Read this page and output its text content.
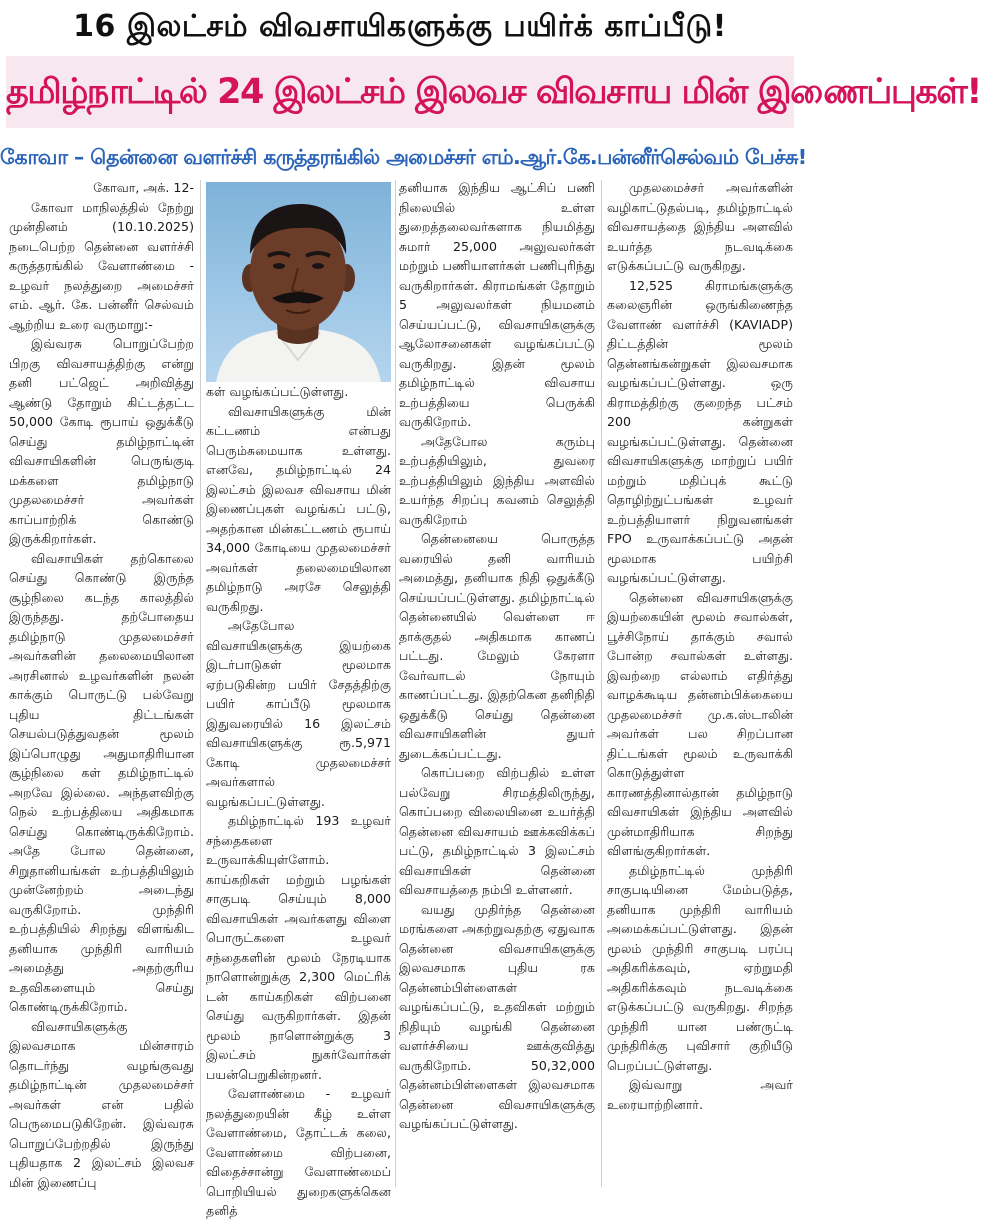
16 இலட்சம் விவசாயிகளுக்கு பயிர்க் காப்பீடு!
தமிழ்நாட்டில் 24 இலட்சம் இலவச விவசாய மின் இணைப்புகள்!
கோவா – தென்னை வளர்ச்சி கருத்தரங்கில் அமைச்சர் எம்.ஆர்.கே.பன்னீர்செல்வம் பேச்சு!

கோவா, அக். 12-

கோவா மாநிலத்தில் நேற்று முன்தினம் (10.10.2025) நடைபெற்ற தென்னை வளர்ச்சி கருத்தரங்கில் வேளாண்மை - உழவர் நலத்துறை அமைச்சர் எம். ஆர். கே. பன்னீர் செல்வம் ஆற்றிய உரை வருமாறு:-

இவ்வரசு பொறுப்பேற்ற பிறகு விவசாயத்திற்கு என்று தனி பட்ஜெட் அறிவித்து ஆண்டு தோறும் கிட்டத்தட்ட 50,000 கோடி ரூபாய் ஒதுக்கீடு செய்து தமிழ்நாட்டின் விவசாயிகளின் பெருங்குடி மக்களை தமிழ்நாடு முதலமைச்சர் அவர்கள் காப்பாற்றிக் கொண்டு இருக்கிறார்கள்.

விவசாயிகள் தற்கொலை செய்து கொண்டு இருந்த சூழ்நிலை கடந்த காலத்தில் இருந்தது. தற்போதைய தமிழ்நாடு முதலமைச்சர் அவர்களின் தலைமையிலான அரசினால் உழவர்களின் நலன் காக்கும் பொருட்டு பல்வேறு புதிய திட்டங்கள் செயல்படுத்துவதன் மூலம் இப்பொழுது அதுமாதிரியான சூழ்நிலை கள் தமிழ்நாட்டில் அறவே இல்லை. அந்தளவிற்கு நெல் உற்பத்தியை அதிகமாக செய்து கொண்டிருக்கிறோம். அதே போல தென்னை, சிறுதானியங்கள் உற்பத்தியிலும் முன்னேற்றம் அடைந்து வருகிறோம். முந்திரி உற்பத்தியில் சிறந்து விளங்கிட தனியாக முந்திரி வாரியம் அமைத்து அதற்குரிய உதவிகளையும் செய்து கொண்டிருக்கிறோம்.

விவசாயிகளுக்கு இலவசமாக மின்சாரம் தொடர்ந்து வழங்குவது தமிழ்நாட்டின் முதலமைச்சர் அவர்கள் என் பதில் பெருமைபடுகிறேன். இவ்வரசு பொறுப்பேற்றதில் இருந்து புதியதாக 2 இலட்சம் இலவச மின் இணைப்பு

கள் வழங்கப்பட்டுள்ளது.

விவசாயிகளுக்கு மின் கட்டணம் என்பது பெரும்சுமையாக உள்ளது. எனவே, தமிழ்நாட்டில் 24 இலட்சம் இலவச விவசாய மின் இணைப்புகள் வழங்கப் பட்டு, அதற்கான மின்கட்டணம் ரூபாய் 34,000 கோடியை முதலமைச்சர் அவர்கள் தலைமையிலான தமிழ்நாடு அரசே செலுத்தி வருகிறது.

அதேபோல விவசாயிகளுக்கு இயற்கை இடர்பாடுகள் மூலமாக ஏற்படுகின்ற பயிர் சேதத்திற்கு பயிர் காப்பீடு மூலமாக இதுவரையில் 16 இலட்சம் விவசாயிகளுக்கு ரூ.5,971 கோடி முதலமைச்சர் அவர்களால் வழங்கப்பட்டுள்ளது.

தமிழ்நாட்டில் 193 உழவர் சந்தைகளை உருவாக்கியுள்ளோம். காய்கறிகள் மற்றும் பழங்கள் சாகுபடி செய்யும் 8,000 விவசாயிகள் அவர்களது விளை பொருட்களை உழவர் சந்தைகளின் மூலம் நேரடியாக நாளொன்றுக்கு 2,300 மெட்ரிக் டன் காய்கறிகள் விற்பனை செய்து வருகிறார்கள். இதன் மூலம் நாளொன்றுக்கு 3 இலட்சம் நுகர்வோர்கள் பயன்பெறுகின்றனர்.

வேளாண்மை - உழவர் நலத்துறையின் கீழ் உள்ள வேளாண்மை, தோட்டக் கலை, வேளாண்மை விற்பனை, விதைச்சான்று வேளாண்மைப் பொறியியல் துறைகளுக்கென தனித்

தனியாக இந்திய ஆட்சிப் பணி நிலையில் உள்ள துறைத்தலைவர்களாக நியமித்து சுமார் 25,000 அலுவலர்கள் மற்றும் பணியாளர்கள் பணிபுரிந்து வருகிறார்கள். கிராமங்கள் தோறும் 5 அலுவலர்கள் நியமனம் செய்யப்பட்டு, விவசாயிகளுக்கு ஆலோசனைகள் வழங்கப்பட்டு வருகிறது. இதன் மூலம் தமிழ்நாட்டில் விவசாய உற்பத்தியை பெருக்கி வருகிறோம்.

அதேபோல கரும்பு உற்பத்தியிலும், துவரை உற்பத்தியிலும் இந்திய அளவில் உயர்ந்த சிறப்பு கவனம் செலுத்தி வருகிறோம்

தென்னையை பொருத்த வரையில் தனி வாரியம் அமைத்து, தனியாக நிதி ஒதுக்கீடு செய்யப்பட்டுள்ளது. தமிழ்நாட்டில் தென்னையில் வெள்ளை ஈ தாக்குதல் அதிகமாக காணப் பட்டது. மேலும் கேரளா வேர்வாடல் நோயும் காணப்பட்டது. இதற்கென தனிநிதி ஒதுக்கீடு செய்து தென்னை விவசாயிகளின் துயர் துடைக்கப்பட்டது.

கொப்பறை விற்பதில் உள்ள பல்வேறு சிரமத்திலிருந்து, கொப்பறை விலையினை உயர்த்தி தென்னை விவசாயம் ஊக்கவிக்கப் பட்டு, தமிழ்நாட்டில் 3 இலட்சம் விவசாயிகள் தென்னை விவசாயத்தை நம்பி உள்ளனர்.

வயது முதிர்ந்த தென்னை மரங்களை அகற்றுவதற்கு ஏதுவாக தென்னை விவசாயிகளுக்கு இலவசமாக புதிய ரக தென்னம்பிள்ளைகள் வழங்கப்பட்டு, உதவிகள் மற்றும் நிதியும் வழங்கி தென்னை வளர்ச்சியை ஊக்குவித்து வருகிறோம். 50,32,000 தென்னம்பிள்ளைகள் இலவசமாக தென்னை விவசாயிகளுக்கு வழங்கப்பட்டுள்ளது.

முதலமைச்சர் அவர்களின் வழிகாட்டுதல்படி, தமிழ்நாட்டில் விவசாயத்தை இந்திய அளவில் உயர்த்த நடவடிக்கை எடுக்கப்பட்டு வருகிறது.

12,525 கிராமங்களுக்கு கலைஞரின் ஒருங்கிணைந்த வேளாண் வளர்ச்சி (KAVIADP) திட்டத்தின் மூலம் தென்னங்கன்றுகள் இலவசமாக வழங்கப்பட்டுள்ளது. ஒரு கிராமத்திற்கு குறைந்த பட்சம் 200 கன்றுகள் வழங்கப்பட்டுள்ளது. தென்னை விவசாயிகளுக்கு மாற்றுப் பயிர் மற்றும் மதிப்புக் கூட்டு தொழிற்நுட்பங்கள் உழவர் உற்பத்தியாளர் நிறுவனங்கள் FPO உருவாக்கப்பட்டு அதன் மூலமாக பயிற்சி வழங்கப்பட்டுள்ளது.

தென்னை விவசாயிகளுக்கு இயற்கையின் மூலம் சவால்கள், பூச்சிநோய் தாக்கும் சவால் போன்ற சவால்கள் உள்ளது. இவற்றை எல்லாம் எதிர்த்து வாழக்கூடிய தன்னம்பிக்கையை முதலமைச்சர் மு.க.ஸ்டாலின் அவர்கள் பல சிறப்பான திட்டங்கள் மூலம் உருவாக்கி கொடுத்துள்ள காரணத்தினால்தான் தமிழ்நாடு விவசாயிகள் இந்திய அளவில் முன்மாதிரியாக சிறந்து விளங்குகிறார்கள்.

தமிழ்நாட்டில் முந்திரி சாகுபடியினை மேம்படுத்த, தனியாக முந்திரி வாரியம் அமைக்கப்பட்டுள்ளது. இதன் மூலம் முந்திரி சாகுபடி பரப்பு அதிகரிக்கவும், ஏற்றுமதி அதிகரிக்கவும் நடவடிக்கை எடுக்கப்பட்டு வருகிறது. சிறந்த முந்திரி யான பண்ருட்டி முந்திரிக்கு புவிசார் குறியீடு பெறப்பட்டுள்ளது.

இவ்வாறு அவர் உரையாற்றினார்.
